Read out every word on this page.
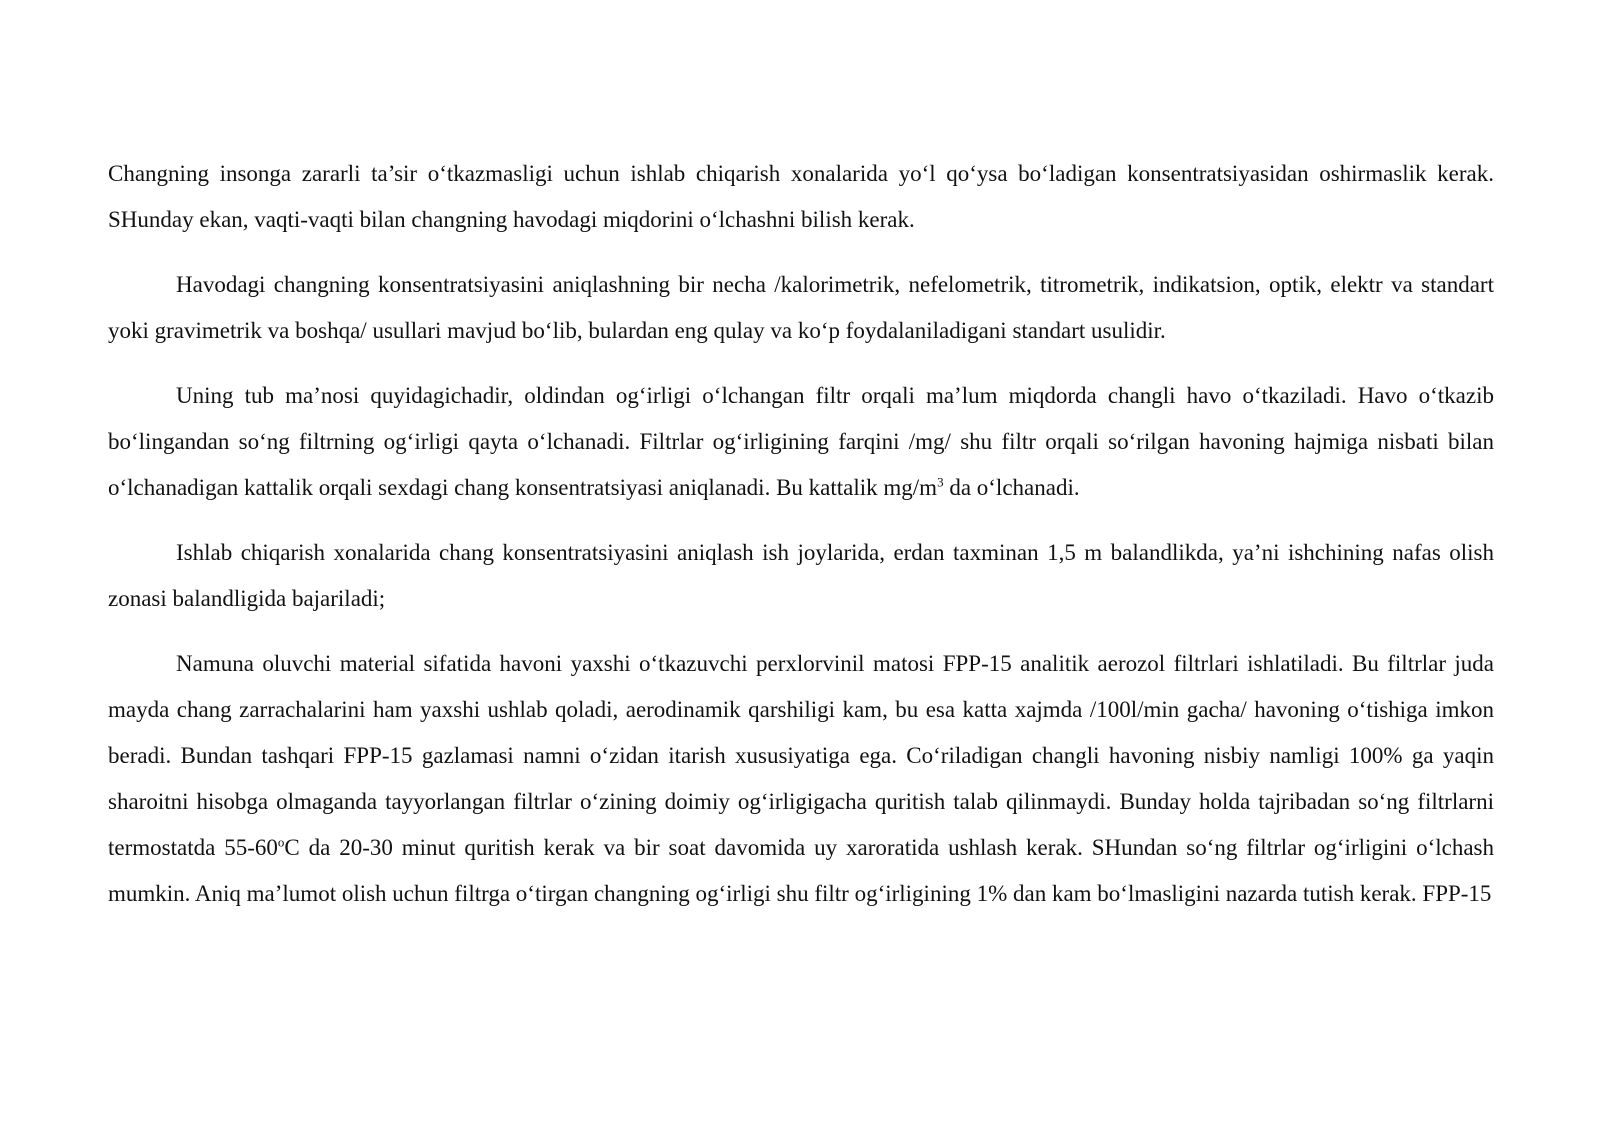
Changning insonga zararli ta’sir o‘tkazmasligi uchun ishlab chiqarish xonalarida yo‘l qo‘ysa bo‘ladigan konsentratsiyasidan oshirmaslik kerak. SHunday ekan, vaqti-vaqti bilan changning havodagi miqdorini o‘lchashni bilish kerak.

Havodagi changning konsentratsiyasini aniqlashning bir necha /kalorimetrik, nefelometrik, titrometrik, indikatsion, optik, elektr va standart yoki gravimetrik va boshqa/ usullari mavjud bo‘lib, bulardan eng qulay va ko‘p foydalaniladigani standart usulidir.

Uning tub ma’nosi quyidagichadir, oldindan og‘irligi o‘lchangan filtr orqali ma’lum miqdorda changli havo o‘tkaziladi. Havo o‘tkazib bo‘lingandan so‘ng filtrning og‘irligi qayta o‘lchanadi. Filtrlar og‘irligining farqini /mg/ shu filtr orqali so‘rilgan havoning hajmiga nisbati bilan o‘lchanadigan kattalik orqali sexdagi chang konsentratsiyasi aniqlanadi. Bu kattalik $mg/m^3$ da o‘lchanadi.

Ishlab chiqarish xonalarida chang konsentratsiyasini aniqlash ish joylarida, erdan taxminan 1,5 m balandlikda, ya’ni ishchining nafas olish zonasi balandligida bajariladi;

Namuna oluvchi material sifatida havoni yaxshi o‘tkazuvchi perxlorvinil matosi FPP-15 analitik aerozol filtrlari ishlatiladi. Bu filtrlar juda mayda chang zarrachalarini ham yaxshi ushlab qoladi, aerodinamik qarshiligi kam, bu esa katta xajmda /100l/min gacha/ havoning o‘tishiga imkon beradi. Bundan tashqari FPP-15 gazlamasi namni o‘zidan itarish xususiyatiga ega. Co‘riladigan changli havoning nisbiy namligi 100% ga yaqin sharoitni hisobga olmaganda tayyorlangan filtrlar o‘zining doimiy og‘irligigacha quritish talab qilinmaydi. Bunday holda tajribadan so‘ng filtrlarni termostatda 55-60$^o$C da 20-30 minut quritish kerak va bir soat davomida uy xaroratida ushlash kerak. SHundan so‘ng filtrlar og‘irligini o‘lchash mumkin. Aniq ma’lumot olish uchun filtrga o‘tirgan changning og‘irligi shu filtr og‘irligining 1% dan kam bo‘lmasligini nazarda tutish kerak. FPP-15
